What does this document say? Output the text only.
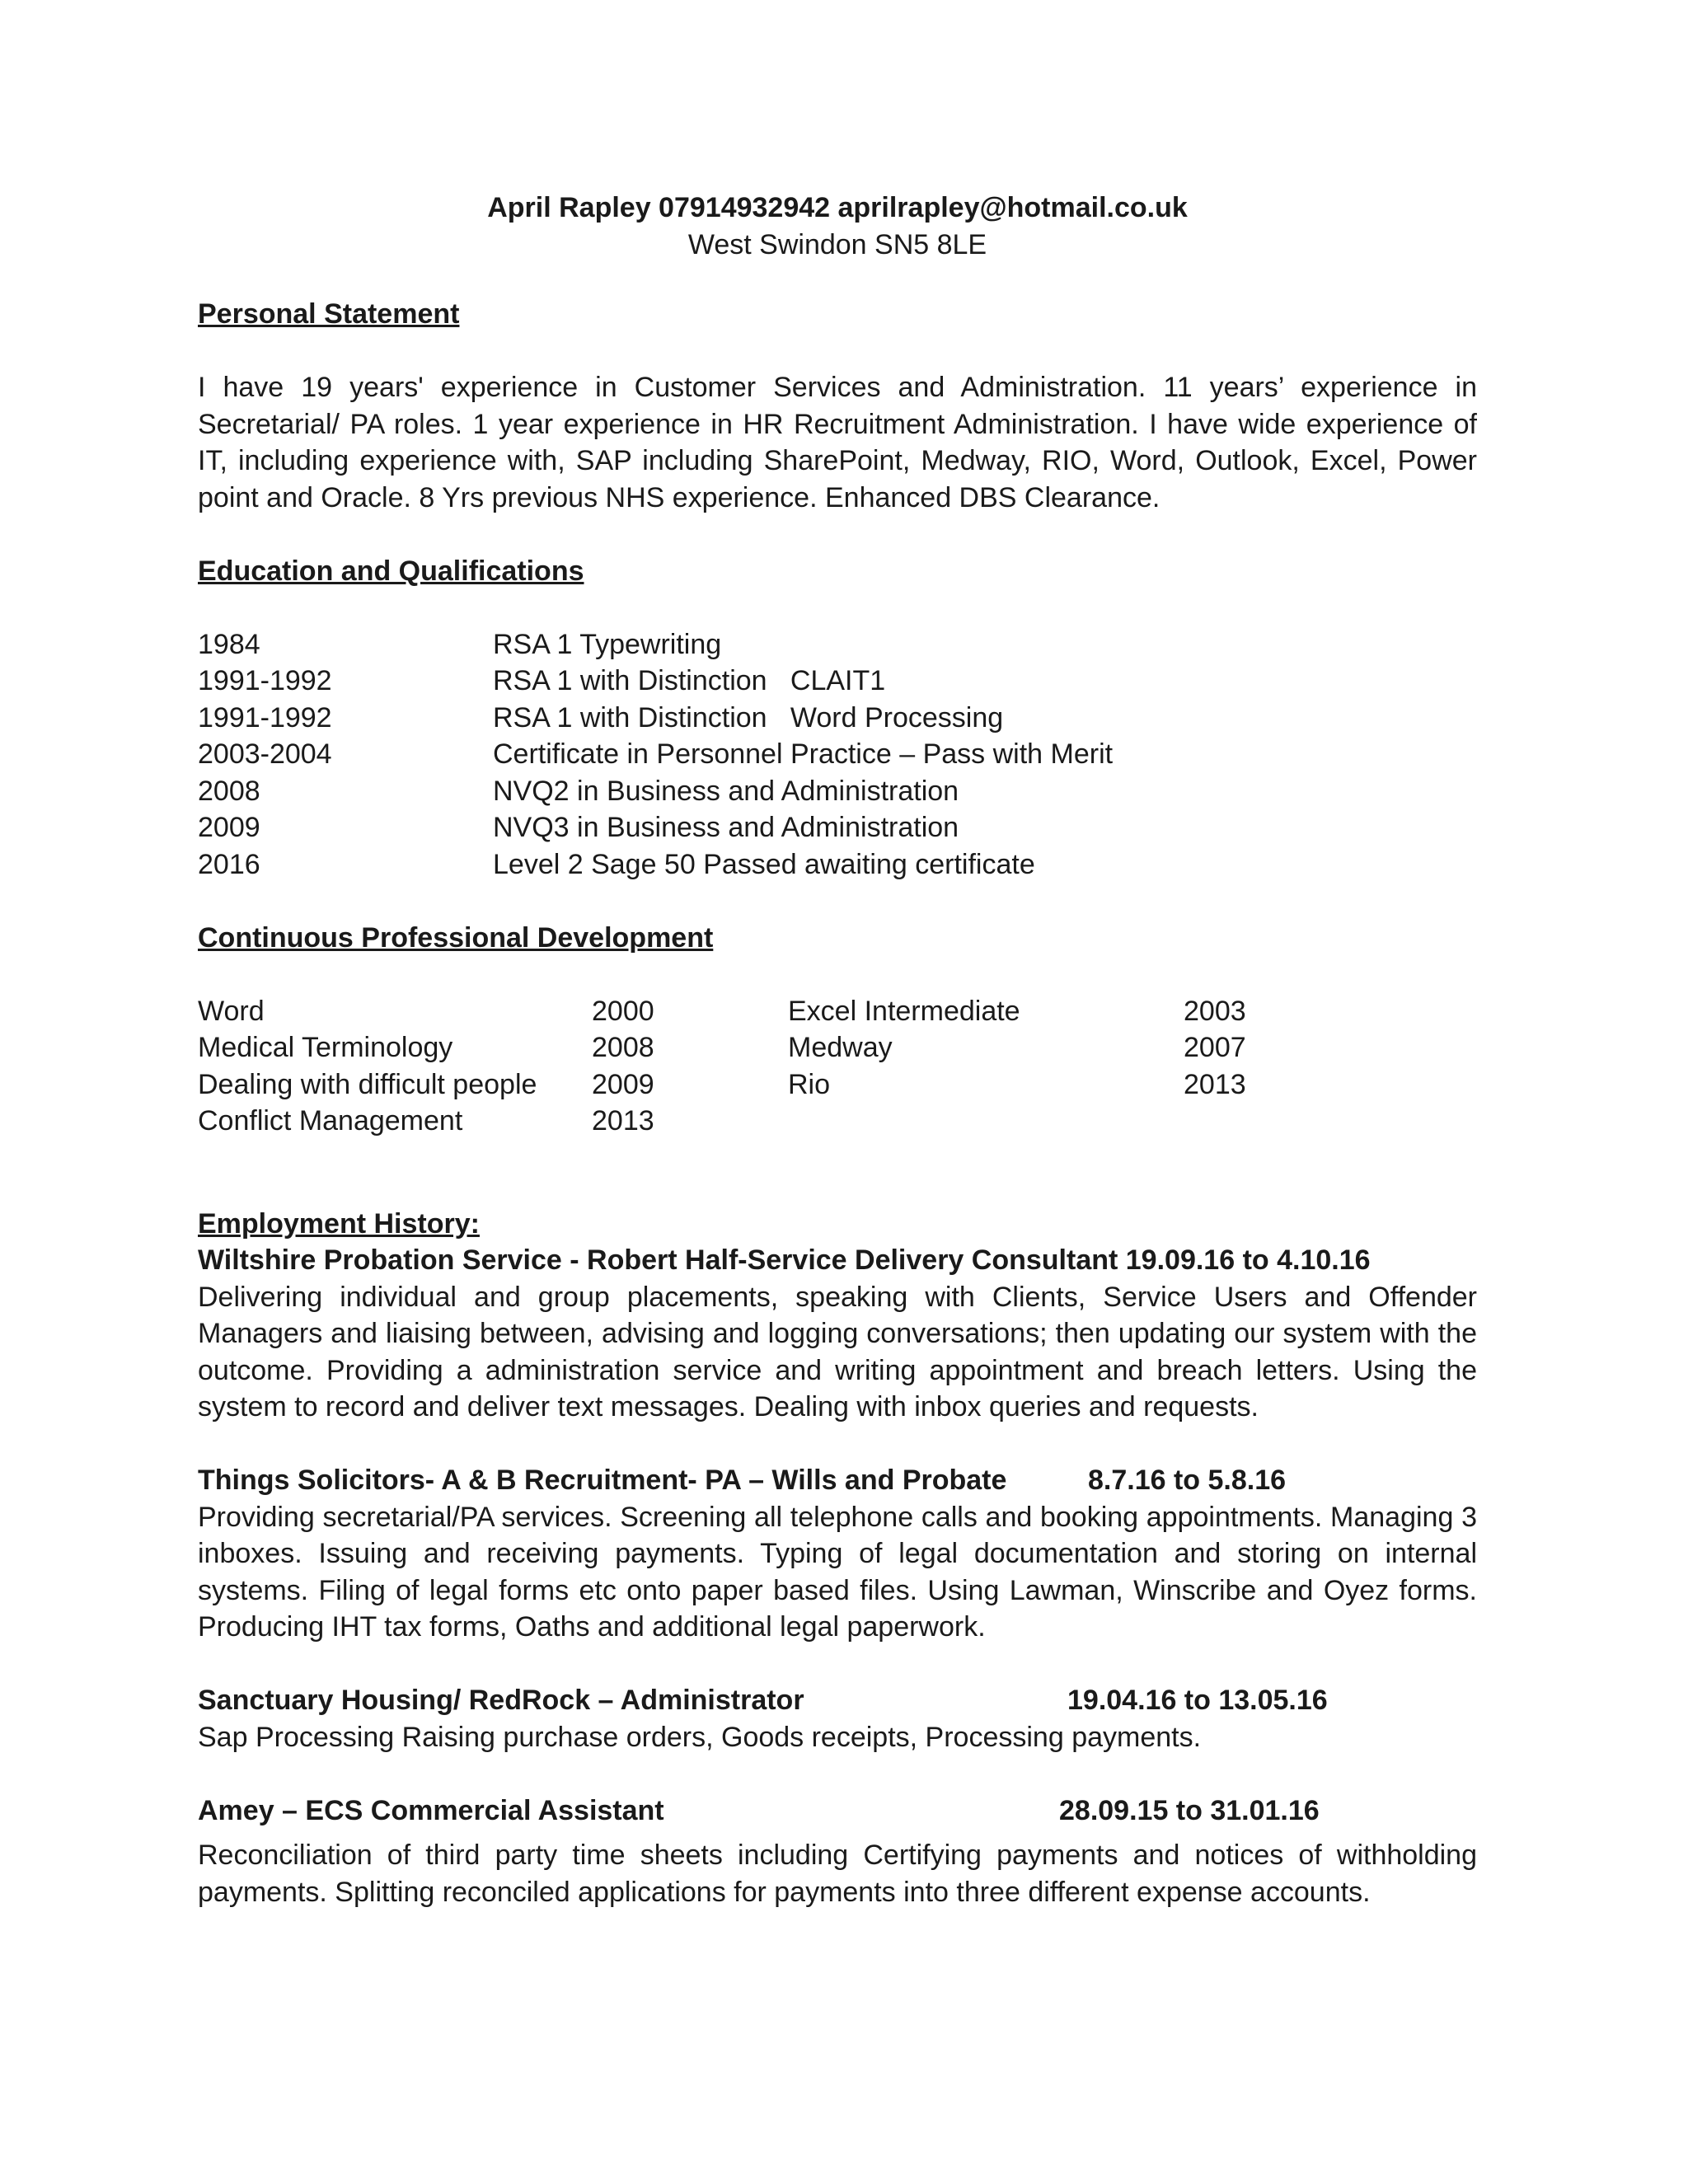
April Rapley 07914932942 aprilrapley@hotmail.co.uk
West Swindon SN5 8LE

Personal Statement

I have 19 years' experience in Customer Services and Administration. 11 years’ experience in Secretarial/ PA roles. 1 year experience in HR Recruitment Administration. I have wide experience of IT, including experience with, SAP including SharePoint, Medway, RIO, Word, Outlook, Excel, Power point and Oracle. 8 Yrs previous NHS experience. Enhanced DBS Clearance.

Education and Qualifications

1984	RSA 1 Typewriting
1991-1992	RSA 1 with Distinction   CLAIT1
1991-1992	RSA 1 with Distinction   Word Processing
2003-2004	Certificate in Personnel Practice – Pass with Merit
2008	NVQ2 in Business and Administration
2009	NVQ3 in Business and Administration
2016	Level 2 Sage 50 Passed awaiting certificate

Continuous Professional Development

Word	2000	Excel Intermediate	2003
Medical Terminology	2008	Medway	2007
Dealing with difficult people	2009	Rio	2013
Conflict Management	2013

Employment History:

Wiltshire Probation Service - Robert Half-Service Delivery Consultant 19.09.16 to 4.10.16

Delivering individual and group placements, speaking with Clients, Service Users and Offender Managers and liaising between, advising and logging conversations; then updating our system with the outcome. Providing a administration service and writing appointment and breach letters. Using the system to record and deliver text messages. Dealing with inbox queries and requests.

Things Solicitors- A & B Recruitment- PA – Wills and Probate	8.7.16 to 5.8.16

Providing secretarial/PA services. Screening all telephone calls and booking appointments. Managing 3 inboxes. Issuing and receiving payments. Typing of legal documentation and storing on internal systems. Filing of legal forms etc onto paper based files. Using Lawman, Winscribe and Oyez forms. Producing IHT tax forms, Oaths and additional legal paperwork.

Sanctuary Housing/ RedRock – Administrator	19.04.16 to 13.05.16

Sap Processing Raising purchase orders, Goods receipts, Processing payments.

Amey – ECS Commercial Assistant	28.09.15 to 31.01.16

Reconciliation of third party time sheets including Certifying payments and notices of withholding payments. Splitting reconciled applications for payments into three different expense accounts.
